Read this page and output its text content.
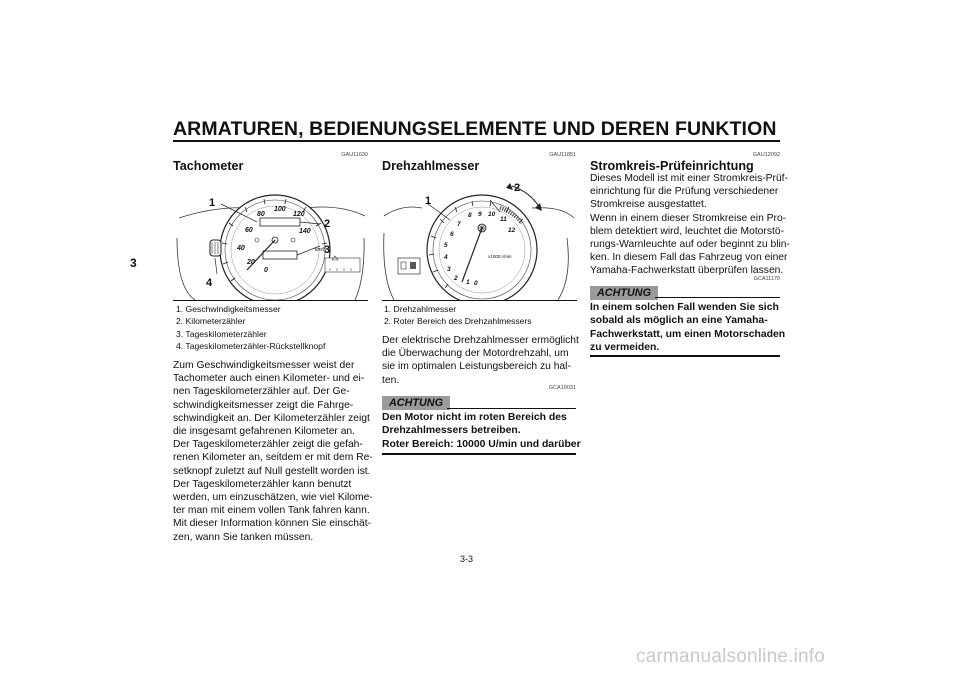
ARMATUREN, BEDIENUNGSELEMENTE UND DEREN FUNKTION
3
GAU11630
Tachometer
80
100
120
60	140
40
20
0
km/h
1
2
3
4
1. Geschwindigkeitsmesser
2. Kilometerzähler
3. Tageskilometerzähler
4. Tageskilometerzähler-Rückstellknopf
Zum Geschwindigkeitsmesser weist der
Tachometer auch einen Kilometer- und ei-
nen Tageskilometerzähler auf. Der Ge-
schwindigkeitsmesser zeigt die Fahrge-
schwindigkeit an. Der Kilometerzähler zeigt
die insgesamt gefahrenen Kilometer an.
Der Tageskilometerzähler zeigt die gefah-
renen Kilometer an, seitdem er mit dem Re-
setknopf zuletzt auf Null gestellt worden ist.
Der Tageskilometerzähler kann benutzt
werden, um einzuschätzen, wie viel Kilome-
ter man mit einem vollen Tank fahren kann.
Mit dieser Information können Sie einschät-
zen, wann Sie tanken müssen.
GAU11851
Drehzahlmesser
8 9 10
11
12
7
6
5
4
3
2
1 0
x1000 r/min
1
2
1. Drehzahlmesser
2. Roter Bereich des Drehzahlmessers
Der elektrische Drehzahlmesser ermöglicht
die Überwachung der Motordrehzahl, um
sie im optimalen Leistungsbereich zu hal-
ten.
GCA10031
ACHTUNG
Den Motor nicht im roten Bereich des
Drehzahlmessers betreiben.
Roter Bereich: 10000 U/min und darüber
GAU12092
Stromkreis-Prüfeinrichtung
Dieses Modell ist mit einer Stromkreis-Prüf-
einrichtung für die Prüfung verschiedener
Stromkreise ausgestattet.
Wenn in einem dieser Stromkreise ein Pro-
blem detektiert wird, leuchtet die Motorstö-
rungs-Warnleuchte auf oder beginnt zu blin-
ken. In diesem Fall das Fahrzeug von einer
Yamaha-Fachwerkstatt überprüfen lassen.
GCA11170
ACHTUNG
In einem solchen Fall wenden Sie sich
sobald als möglich an eine Yamaha-
Fachwerkstatt, um einen Motorschaden
zu vermeiden.
3-3
carmanualsonline.info
